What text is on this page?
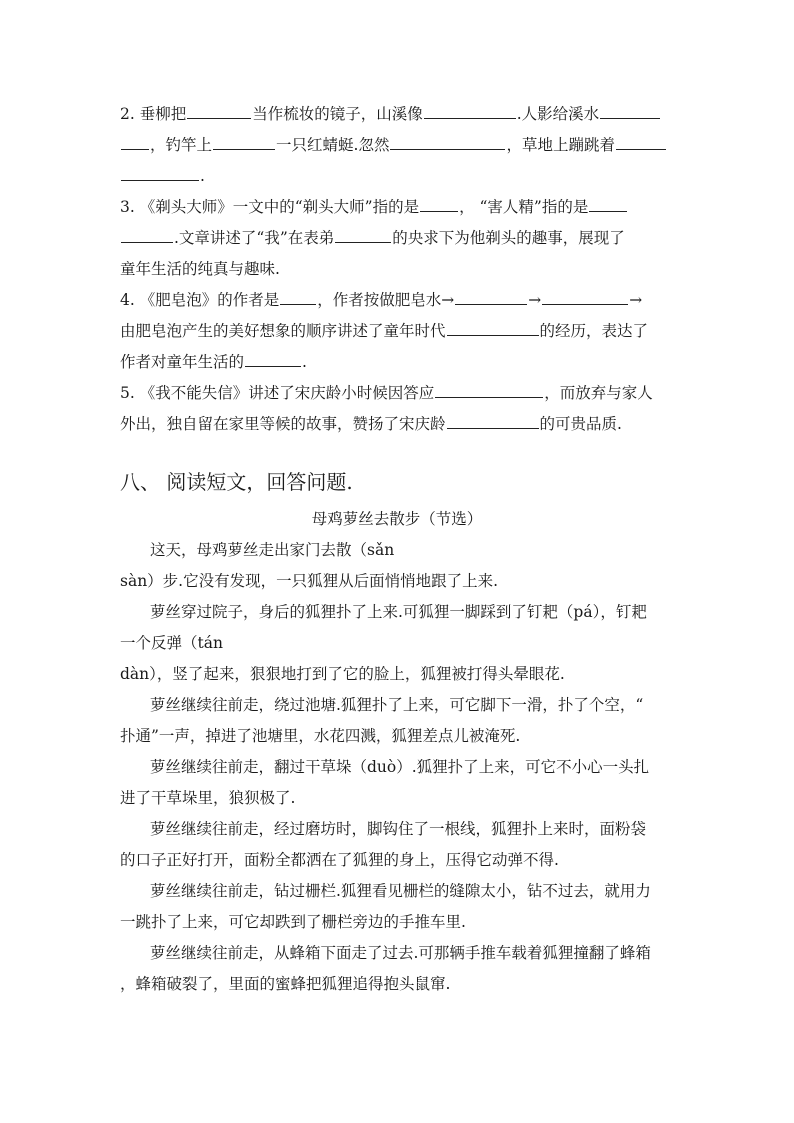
2. 垂柳把	当作梳妆的镜子，山溪像	.人影给溪水
，钓竿上	一只红蜻蜓.忽然	，草地上蹦跳着
.
3. 《剃头大师》一文中的“剃头大师”指的是	， “害人精”指的是
.文章讲述了“我”在表弟	的央求下为他剃头的趣事，展现了
童年生活的纯真与趣味.
4. 《肥皂泡》的作者是 ，作者按做肥皂水→	→	→
由肥皂泡产生的美好想象的顺序讲述了童年时代	的经历，表达了
作者对童年生活的	.
5. 《我不能失信》讲述了宋庆龄小时候因答应	，而放弃与家人
外出，独自留在家里等候的故事，赞扬了宋庆龄	的可贵品质.
八、 阅读短文，回答问题.
母鸡萝丝去散步（节选）
这天，母鸡萝丝走出家门去散（sǎn
sàn）步.它没有发现，一只狐狸从后面悄悄地跟了上来.
萝丝穿过院子，身后的狐狸扑了上来.可狐狸一脚踩到了钉耙（pá），钉耙
一个反弹（tán
dàn），竖了起来，狠狠地打到了它的脸上，狐狸被打得头晕眼花.
萝丝继续往前走，绕过池塘.狐狸扑了上来，可它脚下一滑，扑了个空，“
扑通”一声，掉进了池塘里，水花四溅，狐狸差点儿被淹死.
萝丝继续往前走，翻过干草垛（duò）.狐狸扑了上来，可它不小心一头扎
进了干草垛里，狼狈极了.
萝丝继续往前走，经过磨坊时，脚钩住了一根线，狐狸扑上来时，面粉袋
的口子正好打开，面粉全都洒在了狐狸的身上，压得它动弹不得.
萝丝继续往前走，钻过栅栏.狐狸看见栅栏的缝隙太小，钻不过去，就用力
一跳扑了上来，可它却跌到了栅栏旁边的手推车里.
萝丝继续往前走，从蜂箱下面走了过去.可那辆手推车载着狐狸撞翻了蜂箱
，蜂箱破裂了，里面的蜜蜂把狐狸追得抱头鼠窜.
